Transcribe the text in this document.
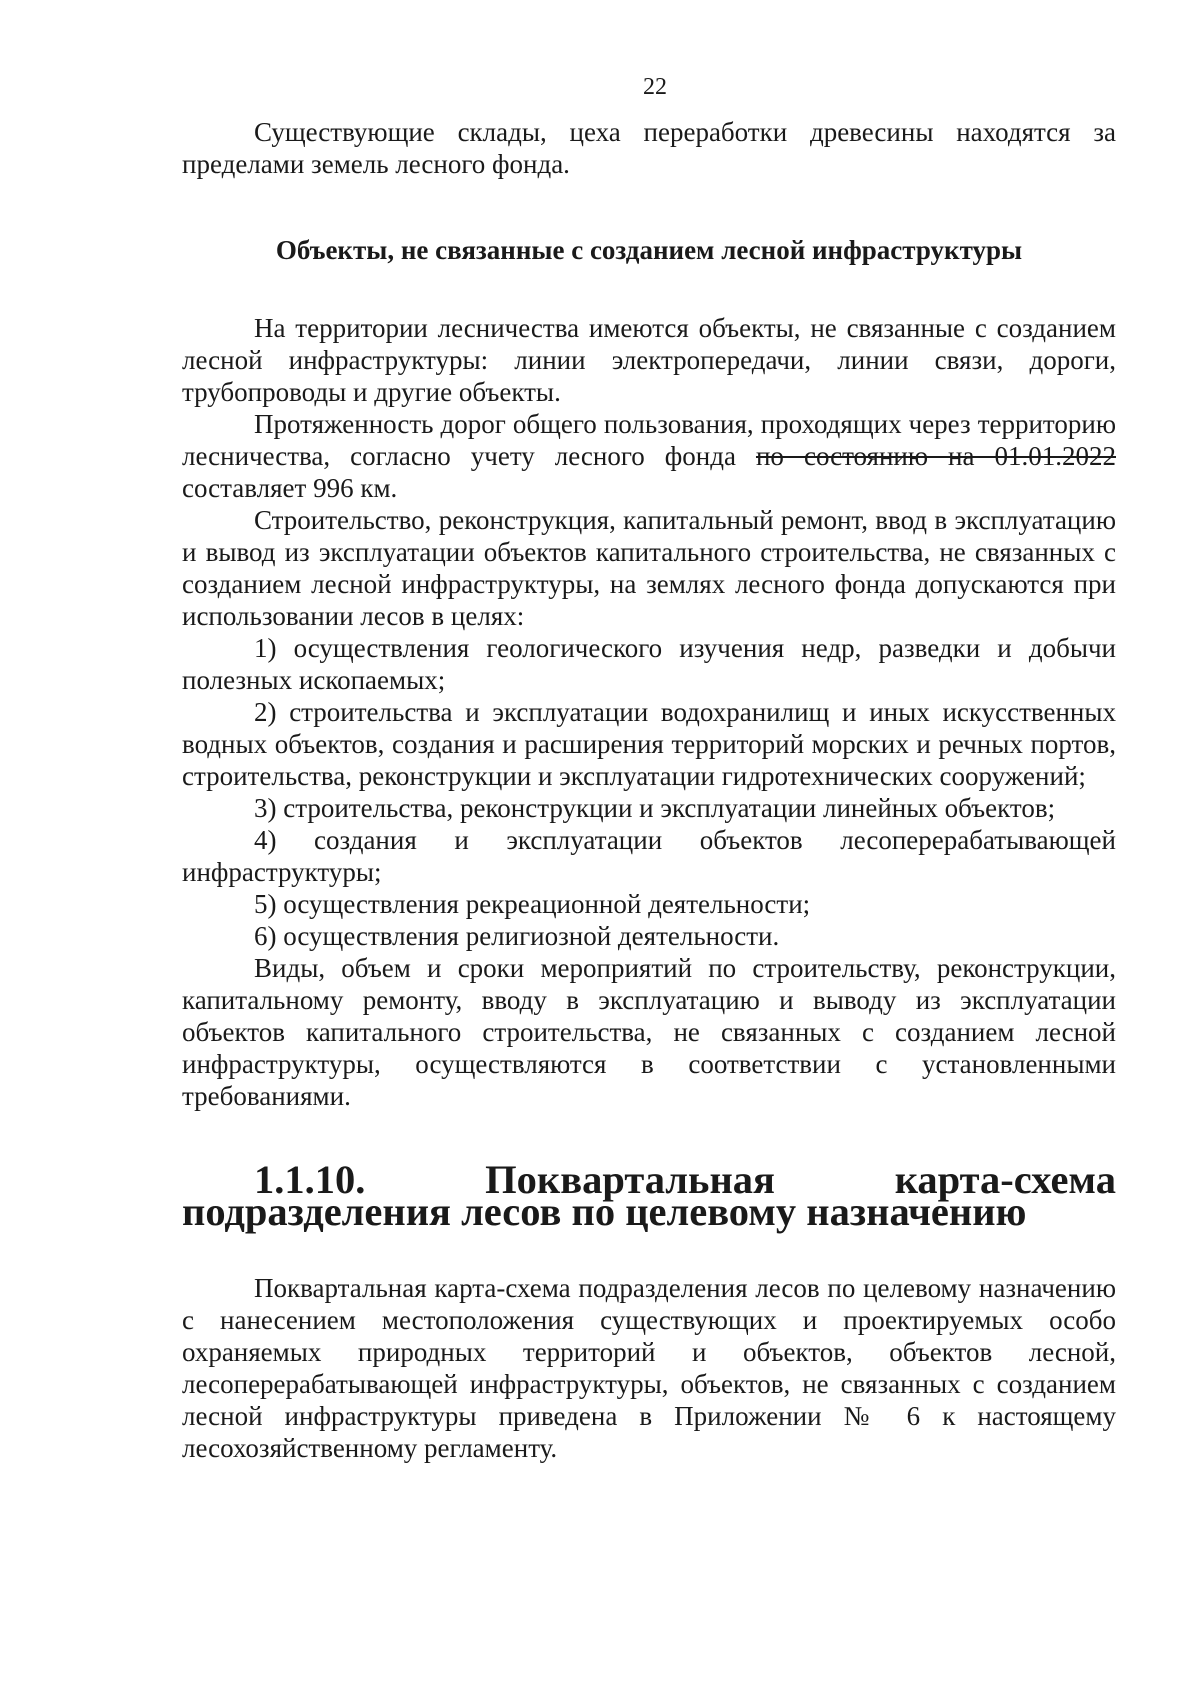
22

Существующие склады, цеха переработки древесины находятся за пределами земель лесного фонда.

Объекты, не связанные с созданием лесной инфраструктуры

На территории лесничества имеются объекты, не связанные с созданием лесной инфраструктуры: линии электропередачи, линии связи, дороги, трубопроводы и другие объекты.

Протяженность дорог общего пользования, проходящих через территорию лесничества, согласно учету лесного фонда по состоянию на 01.01.2022 составляет 996 км.

Строительство, реконструкция, капитальный ремонт, ввод в эксплуатацию и вывод из эксплуатации объектов капитального строительства, не связанных с созданием лесной инфраструктуры, на землях лесного фонда допускаются при использовании лесов в целях:

1) осуществления геологического изучения недр, разведки и добычи полезных ископаемых;

2) строительства и эксплуатации водохранилищ и иных искусственных водных объектов, создания и расширения территорий морских и речных портов, строительства, реконструкции и эксплуатации гидротехнических сооружений;

3) строительства, реконструкции и эксплуатации линейных объектов;

4) создания и эксплуатации объектов лесоперерабатывающей инфраструктуры;

5) осуществления рекреационной деятельности;

6) осуществления религиозной деятельности.

Виды, объем и сроки мероприятий по строительству, реконструкции, капитальному ремонту, вводу в эксплуатацию и выводу из эксплуатации объектов капитального строительства, не связанных с созданием лесной инфраструктуры, осуществляются в соответствии с установленными требованиями.

1.1.10. Поквартальная карта-схема подразделения лесов по целевому назначению

Поквартальная карта-схема подразделения лесов по целевому назначению с нанесением местоположения существующих и проектируемых особо охраняемых природных территорий и объектов, объектов лесной, лесоперерабатывающей инфраструктуры, объектов, не связанных с созданием лесной инфраструктуры приведена в Приложении № 6 к настоящему лесохозяйственному регламенту.
